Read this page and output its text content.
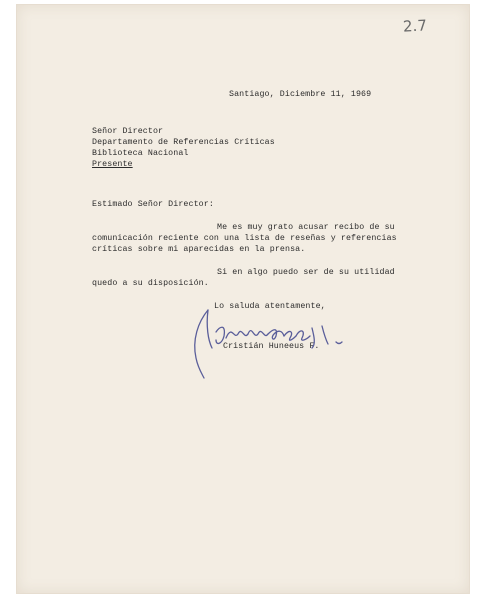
2.7
Santiago, Diciembre 11, 1969
Señor Director
Departamento de Referencias Críticas
Biblioteca Nacional
Presente
Estimado Señor Director:
Me es muy grato acusar recibo de su
comunicación reciente con una lista de reseñas y referencias
críticas sobre mi aparecidas en la prensa.
Si en algo puedo ser de su utilidad
quedo a su disposición.
Lo saluda atentamente,
Cristián Huneeus F.
